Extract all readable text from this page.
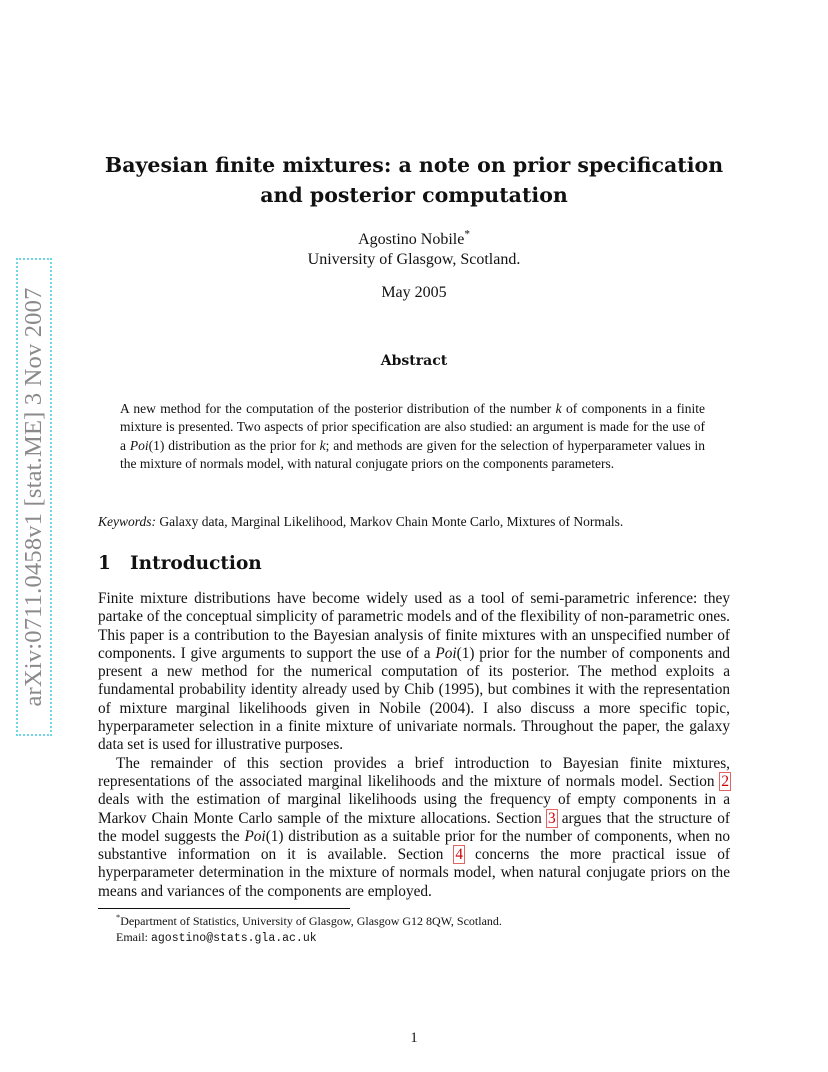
arXiv:0711.0458v1 [stat.ME] 3 Nov 2007
Bayesian finite mixtures: a note on prior specification
and posterior computation
Agostino Nobile*
University of Glasgow, Scotland.
May 2005
Abstract
A new method for the computation of the posterior distribution of the number k of components in a finite mixture is presented. Two aspects of prior specification are also studied: an argument is made for the use of a Poi(1) distribution as the prior for k; and methods are given for the selection of hyperparameter values in the mixture of normals model, with natural conjugate priors on the components parameters.
Keywords: Galaxy data, Marginal Likelihood, Markov Chain Monte Carlo, Mixtures of Normals.
1 Introduction

Finite mixture distributions have become widely used as a tool of semi-parametric inference: they partake of the conceptual simplicity of parametric models and of the flexibility of non-parametric ones. This paper is a contribution to the Bayesian analysis of finite mixtures with an unspecified number of components. I give arguments to support the use of a Poi(1) prior for the number of components and present a new method for the numerical computation of its posterior. The method exploits a fundamental probability identity already used by Chib (1995), but combines it with the representation of mixture marginal likelihoods given in Nobile (2004). I also discuss a more specific topic, hyperparameter selection in a finite mixture of univariate normals. Throughout the paper, the galaxy data set is used for illustrative purposes.

The remainder of this section provides a brief introduction to Bayesian finite mixtures, representations of the associated marginal likelihoods and the mixture of normals model. Section 2 deals with the estimation of marginal likelihoods using the frequency of empty components in a Markov Chain Monte Carlo sample of the mixture allocations. Section 3 argues that the structure of the model suggests the Poi(1) distribution as a suitable prior for the number of components, when no substantive information on it is available. Section 4 concerns the more practical issue of hyperparameter determination in the mixture of normals model, when natural conjugate priors on the means and variances of the components are employed.

*Department of Statistics, University of Glasgow, Glasgow G12 8QW, Scotland.
Email: agostino@stats.gla.ac.uk
1
